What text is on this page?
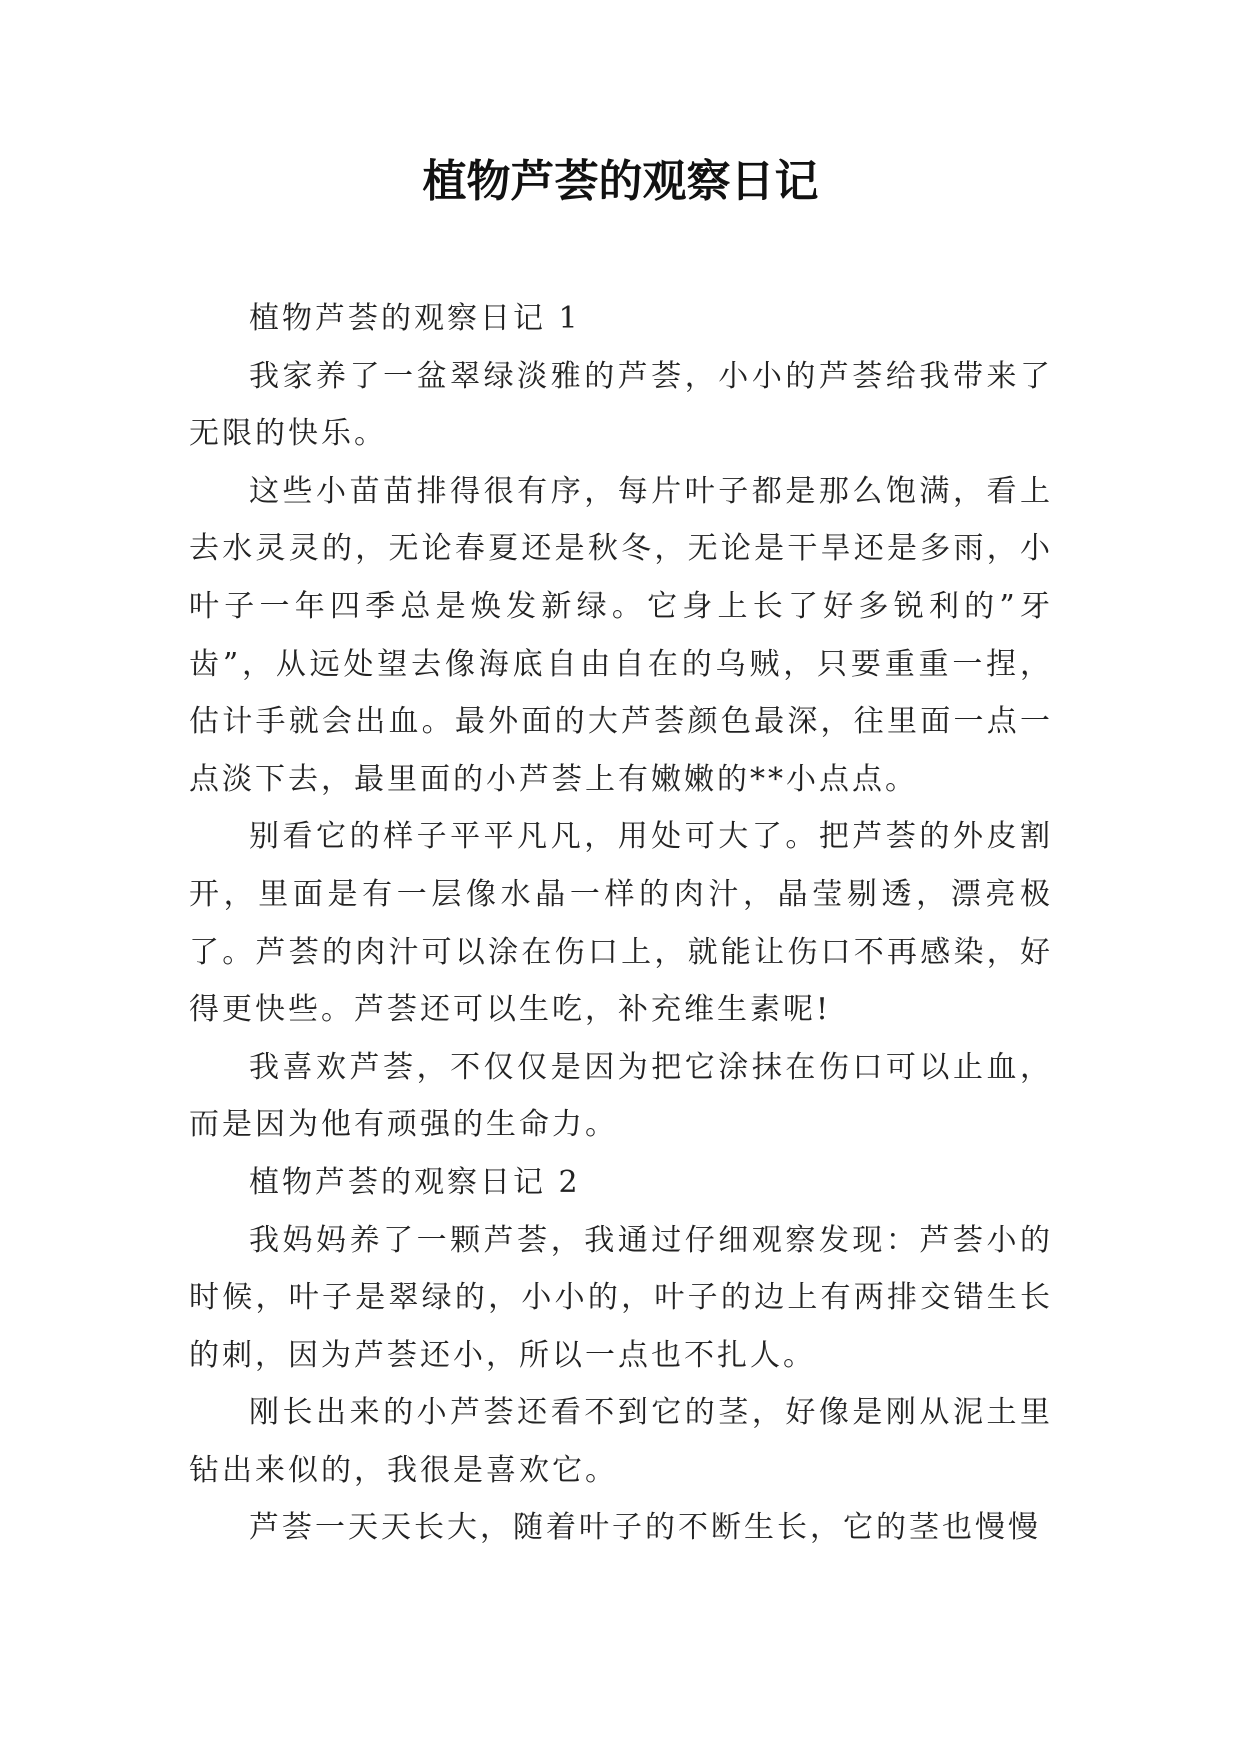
植物芦荟的观察日记

植物芦荟的观察日记 1

我家养了一盆翠绿淡雅的芦荟，小小的芦荟给我带来了无限的快乐。

这些小苗苗排得很有序，每片叶子都是那么饱满，看上去水灵灵的，无论春夏还是秋冬，无论是干旱还是多雨，小叶子一年四季总是焕发新绿。它身上长了好多锐利的”牙齿”，从远处望去像海底自由自在的乌贼，只要重重一捏，估计手就会出血。最外面的大芦荟颜色最深，往里面一点一点淡下去，最里面的小芦荟上有嫩嫩的**小点点。

别看它的样子平平凡凡，用处可大了。把芦荟的外皮割开，里面是有一层像水晶一样的肉汁，晶莹剔透，漂亮极了。芦荟的肉汁可以涂在伤口上，就能让伤口不再感染，好得更快些。芦荟还可以生吃，补充维生素呢!

我喜欢芦荟，不仅仅是因为把它涂抹在伤口可以止血，而是因为他有顽强的生命力。

植物芦荟的观察日记 2

我妈妈养了一颗芦荟，我通过仔细观察发现：芦荟小的时候，叶子是翠绿的，小小的，叶子的边上有两排交错生长的刺，因为芦荟还小，所以一点也不扎人。

刚长出来的小芦荟还看不到它的茎，好像是刚从泥土里钻出来似的，我很是喜欢它。

芦荟一天天长大，随着叶子的不断生长，它的茎也慢慢
